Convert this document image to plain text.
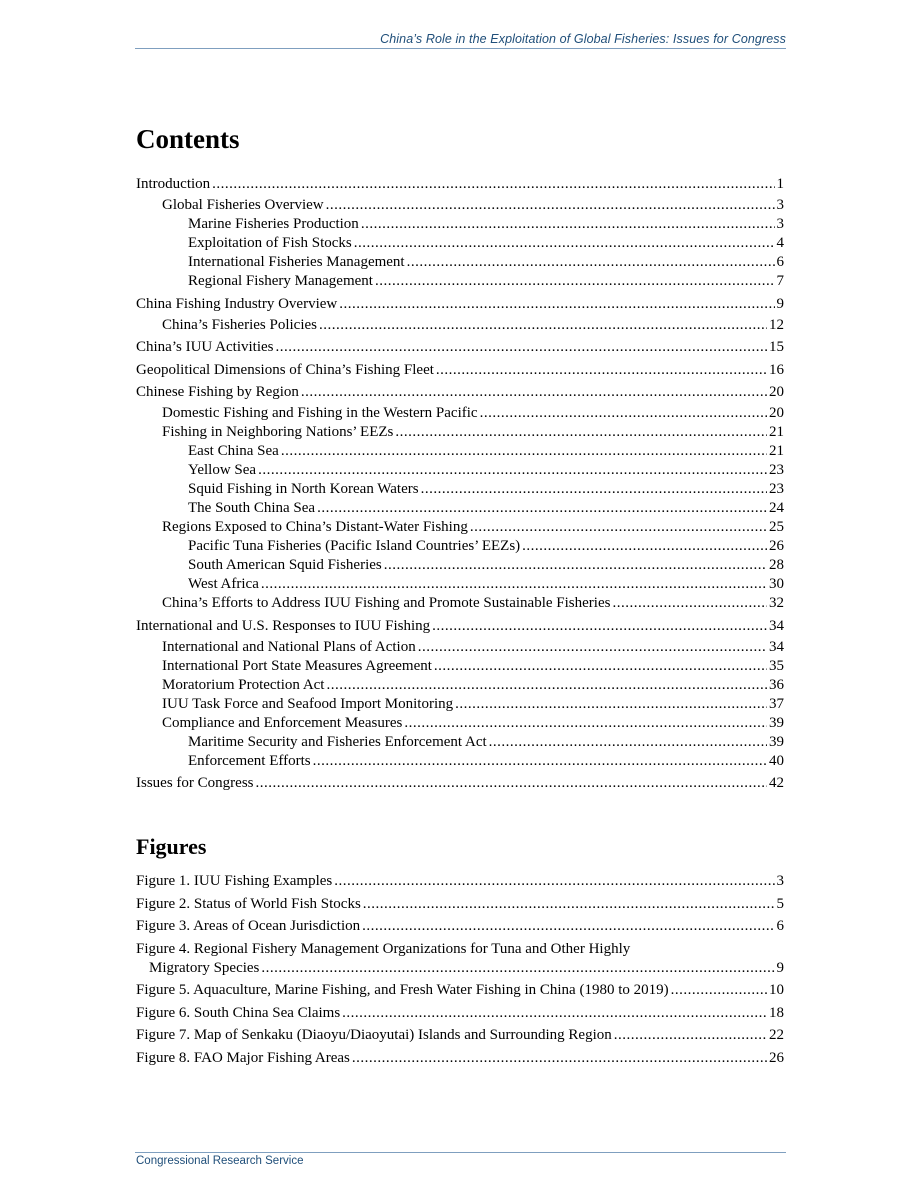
China’s Role in the Exploitation of Global Fisheries: Issues for Congress
Contents
Introduction .....	1
Global Fisheries Overview .....	3
Marine Fisheries Production .....	3
Exploitation of Fish Stocks .....	4
International Fisheries Management .....	6
Regional Fishery Management .....	7
China Fishing Industry Overview .....	9
China’s Fisheries Policies .....	12
China’s IUU Activities .....	15
Geopolitical Dimensions of China’s Fishing Fleet .....	16
Chinese Fishing by Region .....	20
Domestic Fishing and Fishing in the Western Pacific .....	20
Fishing in Neighboring Nations’ EEZs .....	21
East China Sea .....	21
Yellow Sea .....	23
Squid Fishing in North Korean Waters .....	23
The South China Sea .....	24
Regions Exposed to China’s Distant-Water Fishing .....	25
Pacific Tuna Fisheries (Pacific Island Countries’ EEZs) .....	26
South American Squid Fisheries .....	28
West Africa .....	30
China’s Efforts to Address IUU Fishing and Promote Sustainable Fisheries .....	32
International and U.S. Responses to IUU Fishing .....	34
International and National Plans of Action .....	34
International Port State Measures Agreement .....	35
Moratorium Protection Act .....	36
IUU Task Force and Seafood Import Monitoring .....	37
Compliance and Enforcement Measures .....	39
Maritime Security and Fisheries Enforcement Act .....	39
Enforcement Efforts .....	40
Issues for Congress .....	42
Figures
Figure 1. IUU Fishing Examples .....	3
Figure 2. Status of World Fish Stocks .....	5
Figure 3. Areas of Ocean Jurisdiction .....	6
Figure 4. Regional Fishery Management Organizations for Tuna and Other Highly
Migratory Species .....	9
Figure 5. Aquaculture, Marine Fishing, and Fresh Water Fishing in China (1980 to 2019) .....	10
Figure 6. South China Sea Claims .....	18
Figure 7. Map of Senkaku (Diaoyu/Diaoyutai) Islands and Surrounding Region .....	22
Figure 8. FAO Major Fishing Areas .....	26
Congressional Research Service
